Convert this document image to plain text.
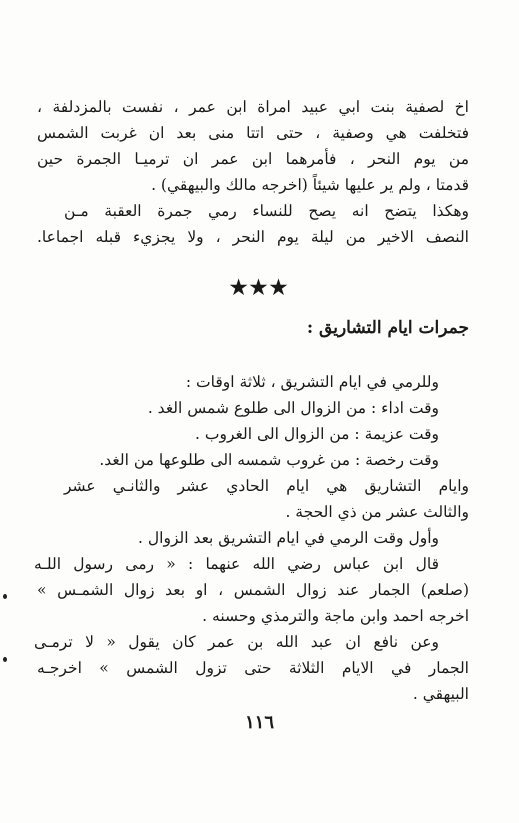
اخ لصفية بنت ابي عبيد امراة ابن عمر ، نفست بالمزدلفة ،
فتخلفت هي وصفية ، حتى اتتا منى بعد ان غربت الشمس
من يوم النحر ، فأمرهما ابن عمر ان ترميـا الجمرة حين
قدمتا ، ولم ير عليها شيئاً (اخرجه مالك والبيهقي) .
وهكذا يتضح انه يصح للنساء رمي جمرة العقبة مـن
النصف الاخير من ليلة يوم النحر ، ولا يجزيء قبله اجماعا.
★★★
جمرات ايام التشاريق :
وللرمي في ايام التشريق ، ثلاثة اوقات :
وقت اداء : من الزوال الى طلوع شمس الغد .
وقت عزيمة : من الزوال الى الغروب .
وقت رخصة : من غروب شمسه الى طلوعها من الغد.
وايام التشاريق هي ايام الحادي عشر والثانـي عشر
والثالث عشر من ذي الحجة .
وأول وقت الرمي في ايام التشريق بعد الزوال .
قال ابن عباس رضي الله عنهما : « رمى رسول اللـه
(صلعم) الجمار عند زوال الشمس ، او بعد زوال الشمـس »
اخرجه احمد وابن ماجة والترمذي وحسنه .
وعن نافع ان عبد الله بن عمر كان يقول « لا ترمـى
الجمار في الايام الثلاثة حتى تزول الشمس » اخرجـه
البيهقي .
١١٦
